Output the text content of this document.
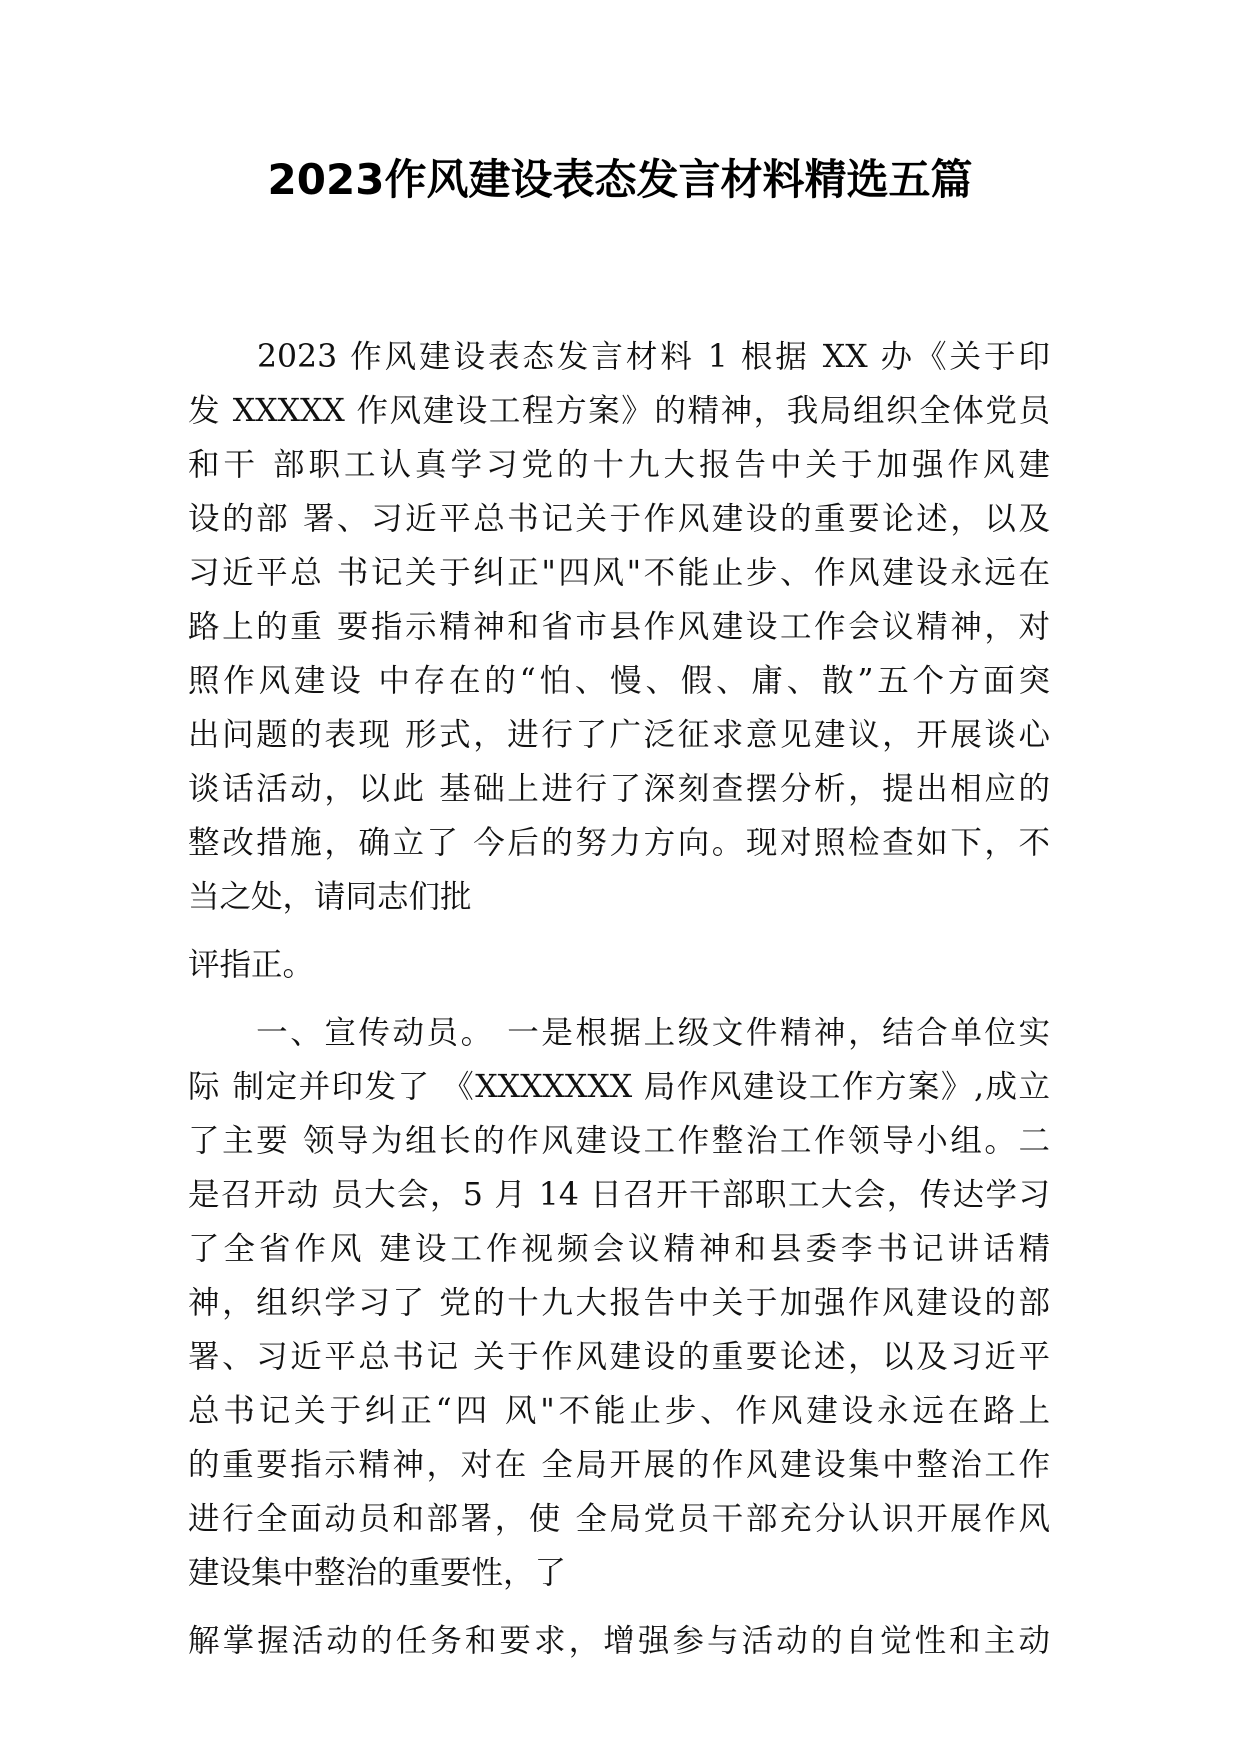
2023作风建设表态发言材料精选五篇
　　2023 作风建设表态发言材料 1 根据 XX 办《关于印
发 XXXXX 作风建设工程方案》的精神，我局组织全体党员
和干 部职工认真学习党的十九大报告中关于加强作风建
设的部 署、习近平总书记关于作风建设的重要论述，以及
习近平总 书记关于纠正"四风"不能止步、作风建设永远在
路上的重 要指示精神和省市县作风建设工作会议精神，对
照作风建设 中存在的“怕、慢、假、庸、散”五个方面突
出问题的表现 形式，进行了广泛征求意见建议，开展谈心
谈话活动，以此 基础上进行了深刻查摆分析，提出相应的
整改措施，确立了 今后的努力方向。现对照检查如下，不
当之处，请同志们批
评指正。
　　一、宣传动员。 一是根据上级文件精神，结合单位实
际 制定并印发了 《XXXXXXX 局作风建设工作方案》,成立
了主要 领导为组长的作风建设工作整治工作领导小组。二
是召开动 员大会，5 月 14 日召开干部职工大会，传达学习
了全省作风 建设工作视频会议精神和县委李书记讲话精
神，组织学习了 党的十九大报告中关于加强作风建设的部
署、习近平总书记 关于作风建设的重要论述，以及习近平
总书记关于纠正“四 风"不能止步、作风建设永远在路上
的重要指示精神，对在 全局开展的作风建设集中整治工作
进行全面动员和部署，使 全局党员干部充分认识开展作风
建设集中整治的重要性，了
解掌握活动的任务和要求，增强参与活动的自觉性和主动
